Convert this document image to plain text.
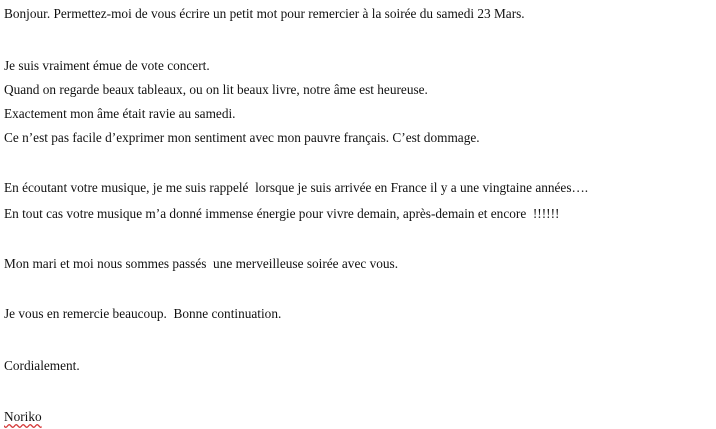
Bonjour. Permettez-moi de vous écrire un petit mot pour remercier à la soirée du samedi 23 Mars.
Je suis vraiment émue de vote concert.
Quand on regarde beaux tableaux, ou on lit beaux livre, notre âme est heureuse.
Exactement mon âme était ravie au samedi.
Ce n’est pas facile d’exprimer mon sentiment avec mon pauvre français. C’est dommage.
En écoutant votre musique, je me suis rappelé  lorsque je suis arrivée en France il y a une vingtaine années….
En tout cas votre musique m’a donné immense énergie pour vivre demain, après-demain et encore  !!!!!!
Mon mari et moi nous sommes passés  une merveilleuse soirée avec vous.
Je vous en remercie beaucoup.  Bonne continuation.
Cordialement.
Noriko
